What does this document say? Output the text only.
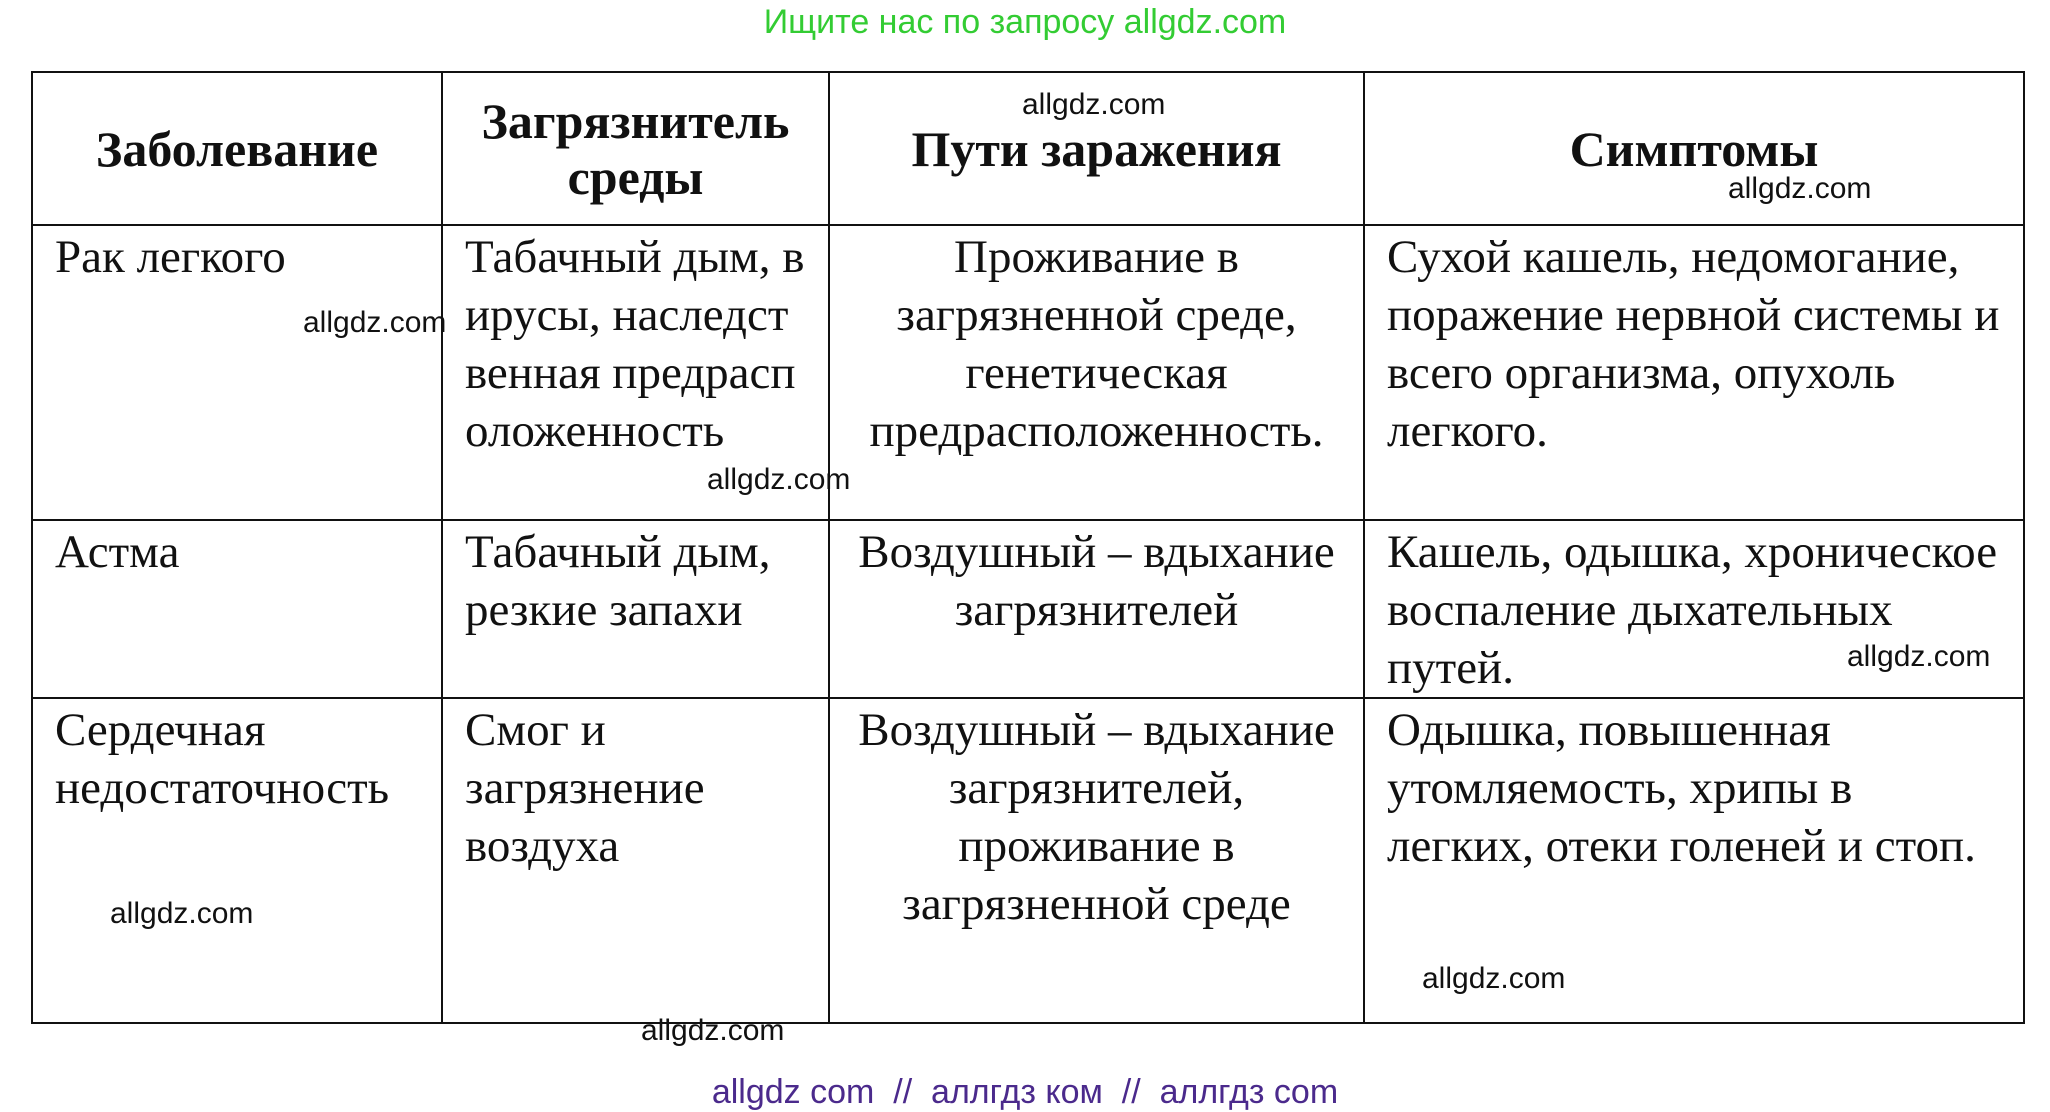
Ищите нас по запросу allgdz.com
Заболевание	Загрязнитель среды	Пути заражения	Симптомы
Рак легкого	Табачный дым, вирусы, наследственная предрасположенность	Проживание в загрязненной среде, генетическая предрасположенность.	Сухой кашель, недомогание, поражение нервной системы и всего организма, опухоль легкого.
Астма	Табачный дым, резкие запахи	Воздушный – вдыхание загрязнителей	Кашель, одышка, хроническое воспаление дыхательных путей.
Сердечная недостаточность	Смог и загрязнение воздуха	Воздушный – вдыхание загрязнителей, проживание в загрязненной среде	Одышка, повышенная утомляемость, хрипы в легких, отеки голеней и стоп.
allgdz.com
allgdz.com
allgdz.com
allgdz.com
allgdz.com
allgdz.com
allgdz.com
allgdz.com
allgdz com  //  аллгдз ком  //  аллгдз com
